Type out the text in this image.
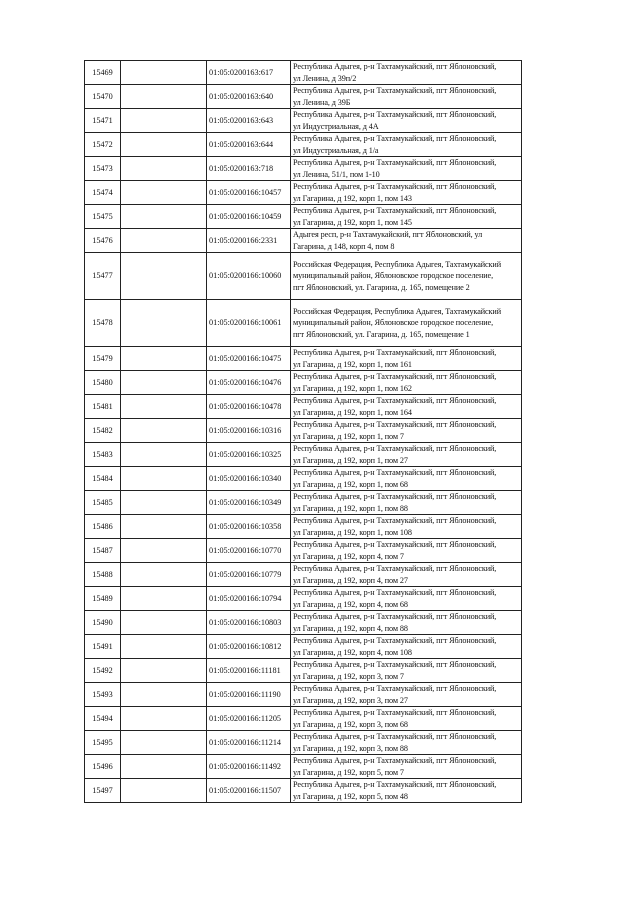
15469		01:05:0200163:617	Республика Адыгея, р-н Тахтамукайский, пгт Яблоновский,
ул Ленина, д 39п/2
15470		01:05:0200163:640	Республика Адыгея, р-н Тахтамукайский, пгт Яблоновский,
ул Ленина, д 39Б
15471		01:05:0200163:643	Республика Адыгея, р-н Тахтамукайский, пгт Яблоновский,
ул Индустриальная, д 4А
15472		01:05:0200163:644	Республика Адыгея, р-н Тахтамукайский, пгт Яблоновский,
ул Индустриальная, д 1/а
15473		01:05:0200163:718	Республика Адыгея, р-н Тахтамукайский, пгт Яблоновский,
ул Ленина, 51/1, пом 1-10
15474		01:05:0200166:10457	Республика Адыгея, р-н Тахтамукайский, пгт Яблоновский,
ул Гагарина, д 192, корп 1, пом 143
15475		01:05:0200166:10459	Республика Адыгея, р-н Тахтамукайский, пгт Яблоновский,
ул Гагарина, д 192, корп 1, пом 145
15476		01:05:0200166:2331	Адыгея респ, р-н Тахтамукайский, пгт Яблоновский, ул
Гагарина, д 148, корп 4, пом 8
15477		01:05:0200166:10060	Российская Федерация, Республика Адыгея, Тахтамукайский
муниципальный район, Яблоновское городское поселение,
пгт Яблоновский, ул. Гагарина, д. 165, помещение 2
15478		01:05:0200166:10061	Российская Федерация, Республика Адыгея, Тахтамукайский
муниципальный район, Яблоновское городское поселение,
пгт Яблоновский, ул. Гагарина, д. 165, помещение 1
15479		01:05:0200166:10475	Республика Адыгея, р-н Тахтамукайский, пгт Яблоновский,
ул Гагарина, д 192, корп 1, пом 161
15480		01:05:0200166:10476	Республика Адыгея, р-н Тахтамукайский, пгт Яблоновский,
ул Гагарина, д 192, корп 1, пом 162
15481		01:05:0200166:10478	Республика Адыгея, р-н Тахтамукайский, пгт Яблоновский,
ул Гагарина, д 192, корп 1, пом 164
15482		01:05:0200166:10316	Республика Адыгея, р-н Тахтамукайский, пгт Яблоновский,
ул Гагарина, д 192, корп 1, пом 7
15483		01:05:0200166:10325	Республика Адыгея, р-н Тахтамукайский, пгт Яблоновский,
ул Гагарина, д 192, корп 1, пом 27
15484		01:05:0200166:10340	Республика Адыгея, р-н Тахтамукайский, пгт Яблоновский,
ул Гагарина, д 192, корп 1, пом 68
15485		01:05:0200166:10349	Республика Адыгея, р-н Тахтамукайский, пгт Яблоновский,
ул Гагарина, д 192, корп 1, пом 88
15486		01:05:0200166:10358	Республика Адыгея, р-н Тахтамукайский, пгт Яблоновский,
ул Гагарина, д 192, корп 1, пом 108
15487		01:05:0200166:10770	Республика Адыгея, р-н Тахтамукайский, пгт Яблоновский,
ул Гагарина, д 192, корп 4, пом 7
15488		01:05:0200166:10779	Республика Адыгея, р-н Тахтамукайский, пгт Яблоновский,
ул Гагарина, д 192, корп 4, пом 27
15489		01:05:0200166:10794	Республика Адыгея, р-н Тахтамукайский, пгт Яблоновский,
ул Гагарина, д 192, корп 4, пом 68
15490		01:05:0200166:10803	Республика Адыгея, р-н Тахтамукайский, пгт Яблоновский,
ул Гагарина, д 192, корп 4, пом 88
15491		01:05:0200166:10812	Республика Адыгея, р-н Тахтамукайский, пгт Яблоновский,
ул Гагарина, д 192, корп 4, пом 108
15492		01:05:0200166:11181	Республика Адыгея, р-н Тахтамукайский, пгт Яблоновский,
ул Гагарина, д 192, корп 3, пом 7
15493		01:05:0200166:11190	Республика Адыгея, р-н Тахтамукайский, пгт Яблоновский,
ул Гагарина, д 192, корп 3, пом 27
15494		01:05:0200166:11205	Республика Адыгея, р-н Тахтамукайский, пгт Яблоновский,
ул Гагарина, д 192, корп 3, пом 68
15495		01:05:0200166:11214	Республика Адыгея, р-н Тахтамукайский, пгт Яблоновский,
ул Гагарина, д 192, корп 3, пом 88
15496		01:05:0200166:11492	Республика Адыгея, р-н Тахтамукайский, пгт Яблоновский,
ул Гагарина, д 192, корп 5, пом 7
15497		01:05:0200166:11507	Республика Адыгея, р-н Тахтамукайский, пгт Яблоновский,
ул Гагарина, д 192, корп 5, пом 48
